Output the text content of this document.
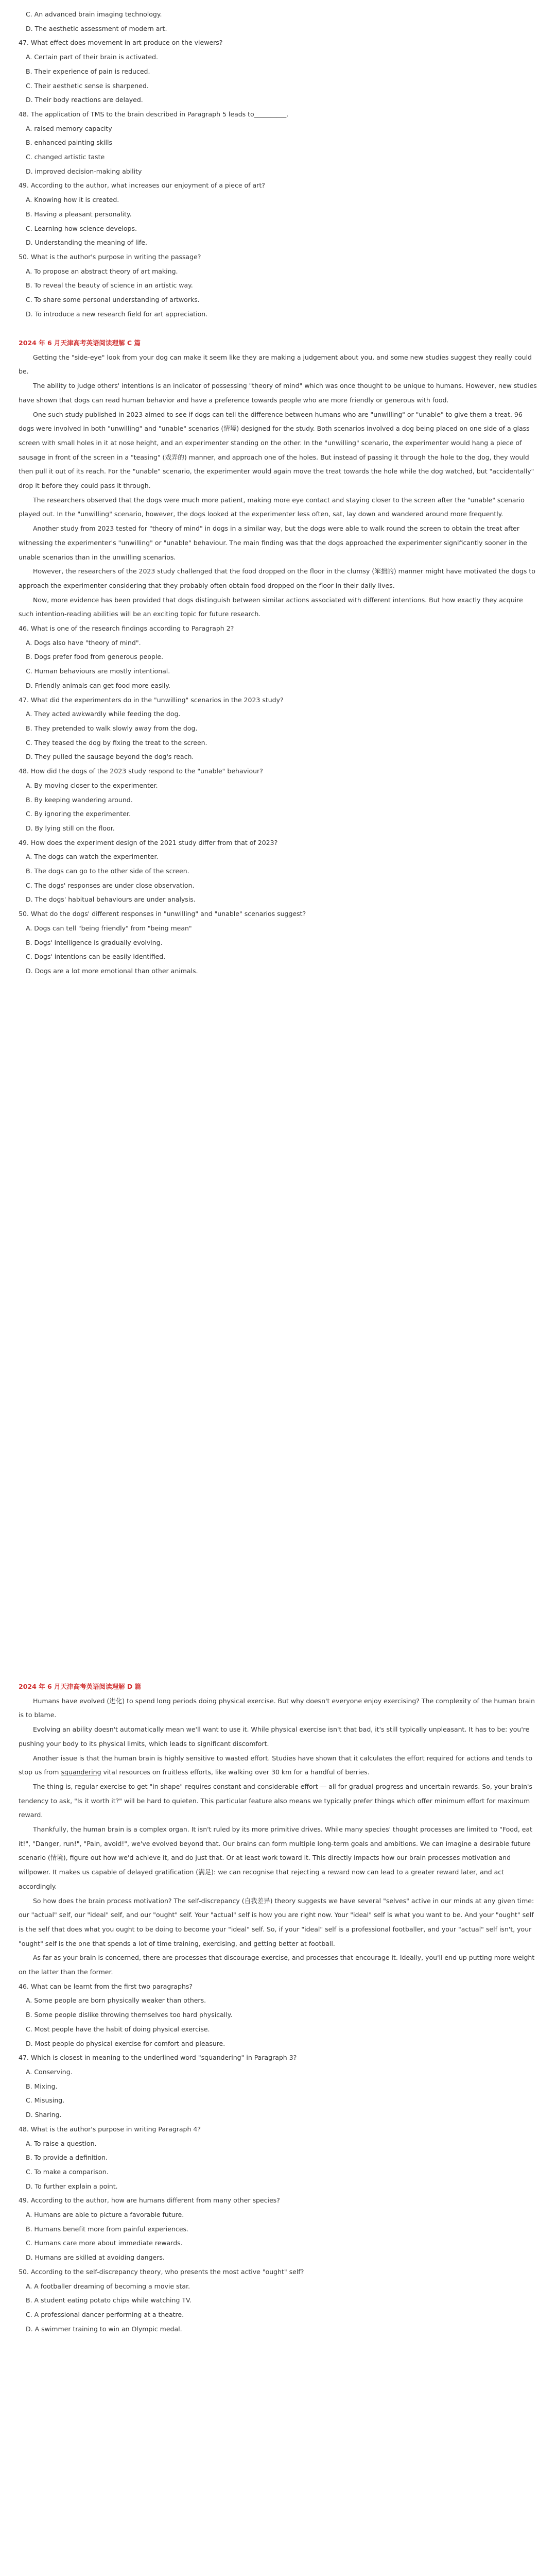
C. An advanced brain imaging technology.

D. The aesthetic assessment of modern art.

47. What effect does movement in art produce on the viewers?

A. Certain part of their brain is activated.

B. Their experience of pain is reduced.

C. Their aesthetic sense is sharpened.

D. Their body reactions are delayed.

48. The application of TMS to the brain described in Paragraph 5 leads to__________.

A. raised memory capacity

B. enhanced painting skills

C. changed artistic taste

D. improved decision-making ability

49. According to the author, what increases our enjoyment of a piece of art?

A. Knowing how it is created.

B. Having a pleasant personality.

C. Learning how science develops.

D. Understanding the meaning of life.

50. What is the author's purpose in writing the passage?

A. To propose an abstract theory of art making.

B. To reveal the beauty of science in an artistic way.

C. To share some personal understanding of artworks.

D. To introduce a new research field for art appreciation.

2024 年 6 月天津高考英语阅读理解 C 篇

Getting the "side-eye" look from your dog can make it seem like they are making a judgement about you, and some new studies suggest they really could be.

The ability to judge others' intentions is an indicator of possessing "theory of mind" which was once thought to be unique to humans. However, new studies have shown that dogs can read human behavior and have a preference towards people who are more friendly or generous with food.

One such study published in 2023 aimed to see if dogs can tell the difference between humans who are "unwilling" or "unable" to give them a treat. 96 dogs were involved in both "unwilling" and "unable" scenarios (情境) designed for the study. Both scenarios involved a dog being placed on one side of a glass screen with small holes in it at nose height, and an experimenter standing on the other. In the "unwilling" scenario, the experimenter would hang a piece of sausage in front of the screen in a "teasing" (戏弄的) manner, and approach one of the holes. But instead of passing it through the hole to the dog, they would then pull it out of its reach. For the "unable" scenario, the experimenter would again move the treat towards the hole while the dog watched, but "accidentally" drop it before they could pass it through.

The researchers observed that the dogs were much more patient, making more eye contact and staying closer to the screen after the "unable" scenario played out. In the "unwilling" scenario, however, the dogs looked at the experimenter less often, sat, lay down and wandered around more frequently.

Another study from 2023 tested for "theory of mind" in dogs in a similar way, but the dogs were able to walk round the screen to obtain the treat after witnessing the experimenter's "unwilling" or "unable" behaviour. The main finding was that the dogs approached the experimenter significantly sooner in the unable scenarios than in the unwilling scenarios.

However, the researchers of the 2023 study challenged that the food dropped on the floor in the clumsy (笨拙的) manner might have motivated the dogs to approach the experimenter considering that they probably often obtain food dropped on the floor in their daily lives.

Now, more evidence has been provided that dogs distinguish between similar actions associated with different intentions. But how exactly they acquire such intention-reading abilities will be an exciting topic for future research.

46. What is one of the research findings according to Paragraph 2?

A. Dogs also have "theory of mind".

B. Dogs prefer food from generous people.

C. Human behaviours are mostly intentional.

D. Friendly animals can get food more easily.

47. What did the experimenters do in the "unwilling" scenarios in the 2023 study?

A. They acted awkwardly while feeding the dog.

B. They pretended to walk slowly away from the dog.

C. They teased the dog by fixing the treat to the screen.

D. They pulled the sausage beyond the dog's reach.

48. How did the dogs of the 2023 study respond to the "unable" behaviour?

A. By moving closer to the experimenter.

B. By keeping wandering around.

C. By ignoring the experimenter.

D. By lying still on the floor.

49. How does the experiment design of the 2021 study differ from that of 2023?

A. The dogs can watch the experimenter.

B. The dogs can go to the other side of the screen.

C. The dogs' responses are under close observation.

D. The dogs' habitual behaviours are under analysis.

50. What do the dogs' different responses in "unwilling" and "unable" scenarios suggest?

A. Dogs can tell "being friendly" from "being mean"

B. Dogs' intelligence is gradually evolving.

C. Dogs' intentions can be easily identified.

D. Dogs are a lot more emotional than other animals.

2024 年 6 月天津高考英语阅读理解 D 篇

Humans have evolved (进化) to spend long periods doing physical exercise. But why doesn't everyone enjoy exercising? The complexity of the human brain is to blame.

Evolving an ability doesn't automatically mean we'll want to use it. While physical exercise isn't that bad, it's still typically unpleasant. It has to be: you're pushing your body to its physical limits, which leads to significant discomfort.

Another issue is that the human brain is highly sensitive to wasted effort. Studies have shown that it calculates the effort required for actions and tends to stop us from squandering vital resources on fruitless efforts, like walking over 30 km for a handful of berries.

The thing is, regular exercise to get "in shape" requires constant and considerable effort — all for gradual progress and uncertain rewards. So, your brain's tendency to ask, "Is it worth it?" will be hard to quieten. This particular feature also means we typically prefer things which offer minimum effort for maximum reward.

Thankfully, the human brain is a complex organ. It isn't ruled by its more primitive drives. While many species' thought processes are limited to "Food, eat it!", "Danger, run!", "Pain, avoid!", we've evolved beyond that. Our brains can form multiple long-term goals and ambitions. We can imagine a desirable future scenario (情境), figure out how we'd achieve it, and do just that. Or at least work toward it. This directly impacts how our brain processes motivation and willpower. It makes us capable of delayed gratification (满足): we can recognise that rejecting a reward now can lead to a greater reward later, and act accordingly.

So how does the brain process motivation? The self-discrepancy (自我差异) theory suggests we have several "selves" active in our minds at any given time: our "actual" self, our "ideal" self, and our "ought" self. Your "actual" self is how you are right now. Your "ideal" self is what you want to be. And your "ought" self is the self that does what you ought to be doing to become your "ideal" self. So, if your "ideal" self is a professional footballer, and your "actual" self isn't, your "ought" self is the one that spends a lot of time training, exercising, and getting better at football.

As far as your brain is concerned, there are processes that discourage exercise, and processes that encourage it. Ideally, you'll end up putting more weight on the latter than the former.

46. What can be learnt from the first two paragraphs?

A. Some people are born physically weaker than others.

B. Some people dislike throwing themselves too hard physically.

C. Most people have the habit of doing physical exercise.

D. Most people do physical exercise for comfort and pleasure.

47. Which is closest in meaning to the underlined word "squandering" in Paragraph 3?

A. Conserving.

B. Mixing.

C. Misusing.

D. Sharing.

48. What is the author's purpose in writing Paragraph 4?

A. To raise a question.

B. To provide a definition.

C. To make a comparison.

D. To further explain a point.

49. According to the author, how are humans different from many other species?

A. Humans are able to picture a favorable future.

B. Humans benefit more from painful experiences.

C. Humans care more about immediate rewards.

D. Humans are skilled at avoiding dangers.

50. According to the self-discrepancy theory, who presents the most active "ought" self?

A. A footballer dreaming of becoming a movie star.

B. A student eating potato chips while watching TV.

C. A professional dancer performing at a theatre.

D. A swimmer training to win an Olympic medal.
